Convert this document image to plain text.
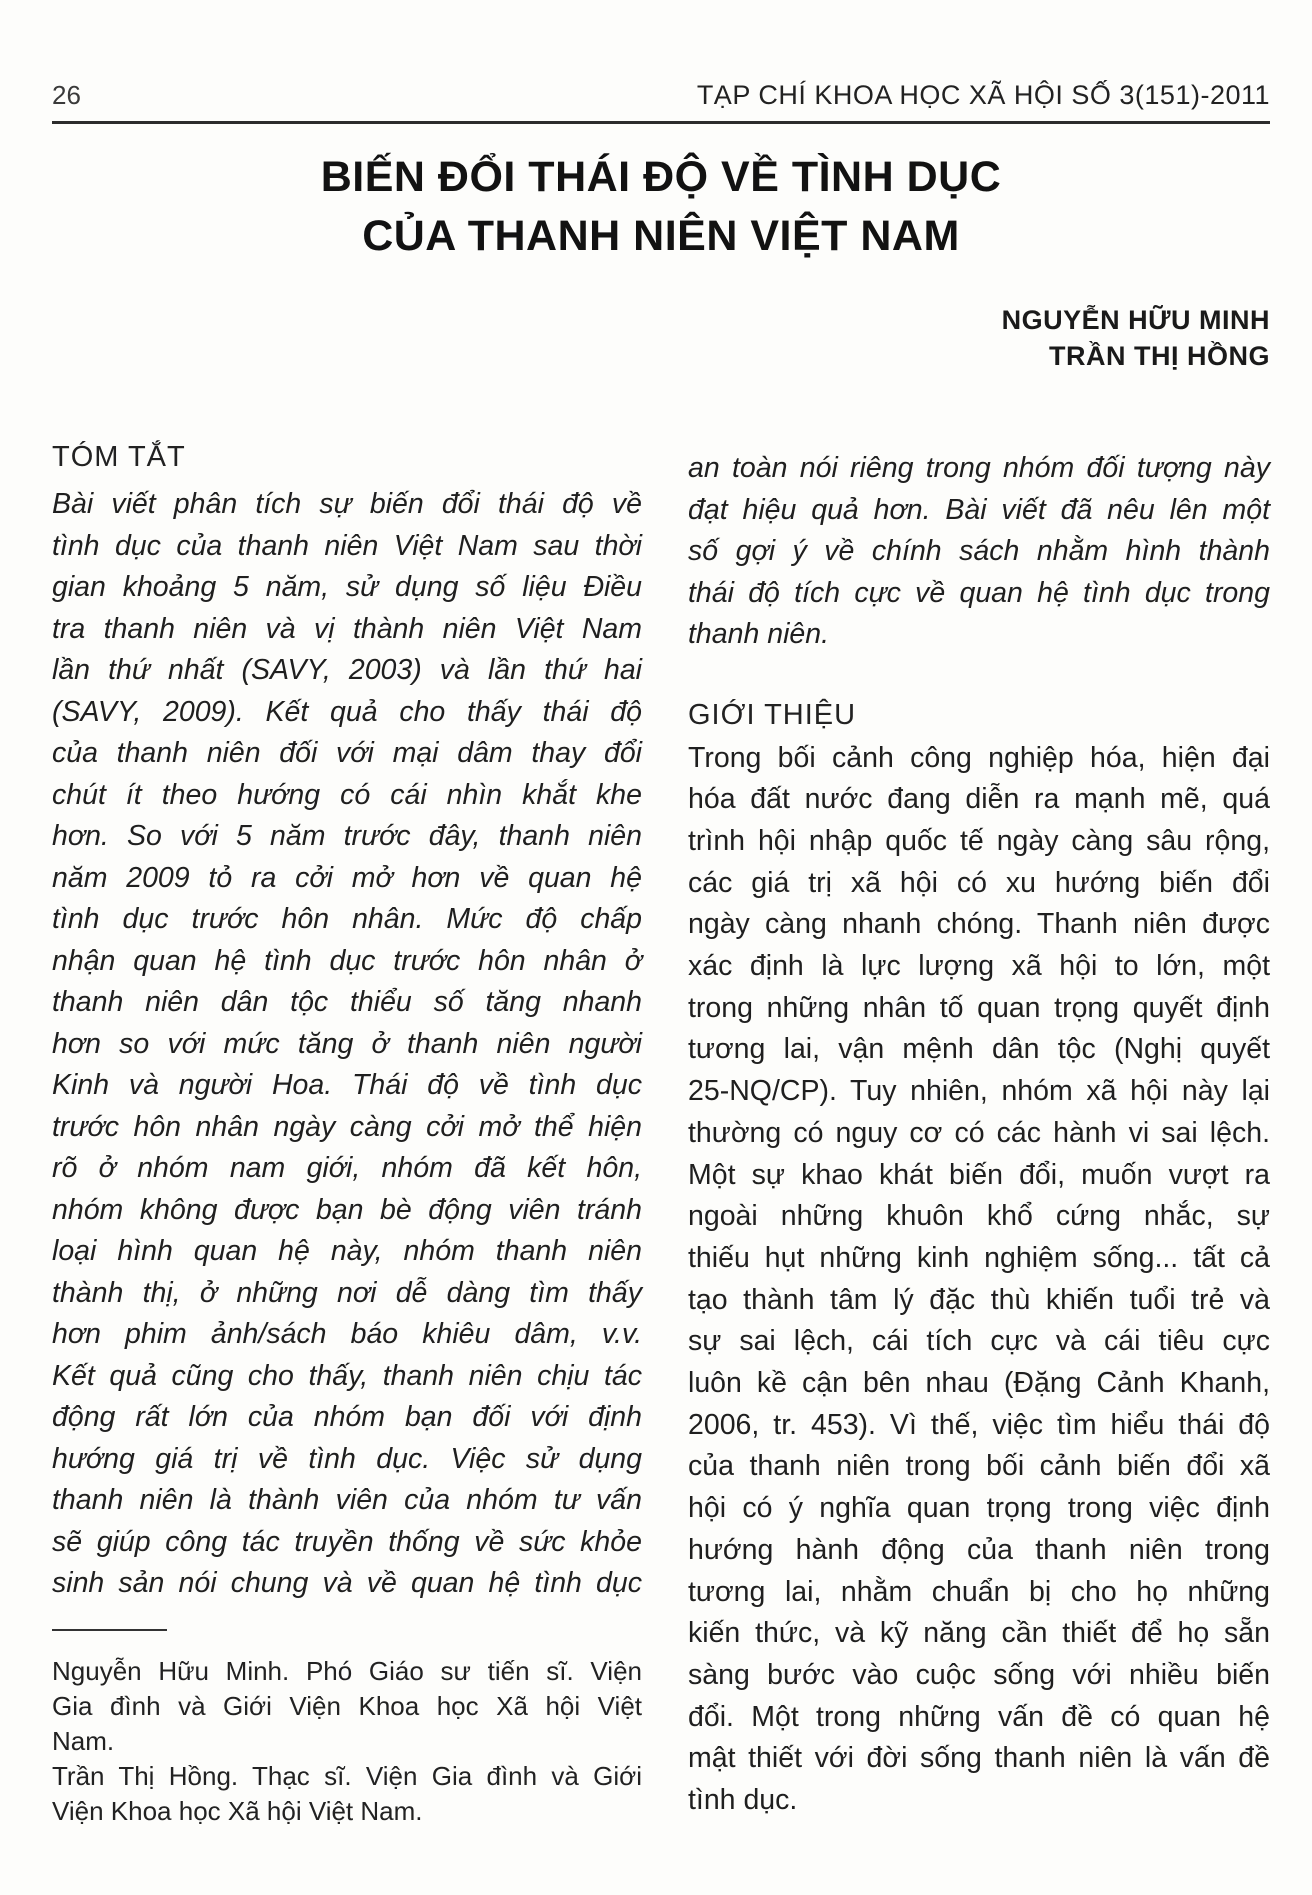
26	TẠP CHÍ KHOA HỌC XÃ HỘI SỐ 3(151)-2011
BIẾN ĐỔI THÁI ĐỘ VỀ TÌNH DỤC
CỦA THANH NIÊN VIỆT NAM
NGUYỄN HỮU MINH
TRẦN THỊ HỒNG
TÓM TẮT
Bài viết phân tích sự biến đổi thái độ về
tình dục của thanh niên Việt Nam sau thời
gian khoảng 5 năm, sử dụng số liệu Điều
tra thanh niên và vị thành niên Việt Nam
lần thứ nhất (SAVY, 2003) và lần thứ hai
(SAVY, 2009). Kết quả cho thấy thái độ
của thanh niên đối với mại dâm thay đổi
chút ít theo hướng có cái nhìn khắt khe
hơn. So với 5 năm trước đây, thanh niên
năm 2009 tỏ ra cởi mở hơn về quan hệ
tình dục trước hôn nhân. Mức độ chấp
nhận quan hệ tình dục trước hôn nhân ở
thanh niên dân tộc thiểu số tăng nhanh
hơn so với mức tăng ở thanh niên người
Kinh và người Hoa. Thái độ về tình dục
trước hôn nhân ngày càng cởi mở thể hiện
rõ ở nhóm nam giới, nhóm đã kết hôn,
nhóm không được bạn bè động viên tránh
loại hình quan hệ này, nhóm thanh niên
thành thị, ở những nơi dễ dàng tìm thấy
hơn phim ảnh/sách báo khiêu dâm, v.v.
Kết quả cũng cho thấy, thanh niên chịu tác
động rất lớn của nhóm bạn đối với định
hướng giá trị về tình dục. Việc sử dụng
thanh niên là thành viên của nhóm tư vấn
sẽ giúp công tác truyền thống về sức khỏe
sinh sản nói chung và về quan hệ tình dục
Nguyễn Hữu Minh. Phó Giáo sư tiến sĩ. Viện
Gia đình và Giới Viện Khoa học Xã hội Việt
Nam.
Trần Thị Hồng. Thạc sĩ. Viện Gia đình và Giới
Viện Khoa học Xã hội Việt Nam.
an toàn nói riêng trong nhóm đối tượng này
đạt hiệu quả hơn. Bài viết đã nêu lên một
số gợi ý về chính sách nhằm hình thành
thái độ tích cực về quan hệ tình dục trong
thanh niên.
GIỚI THIỆU
Trong bối cảnh công nghiệp hóa, hiện đại
hóa đất nước đang diễn ra mạnh mẽ, quá
trình hội nhập quốc tế ngày càng sâu rộng,
các giá trị xã hội có xu hướng biến đổi
ngày càng nhanh chóng. Thanh niên được
xác định là lực lượng xã hội to lớn, một
trong những nhân tố quan trọng quyết định
tương lai, vận mệnh dân tộc (Nghị quyết
25-NQ/CP). Tuy nhiên, nhóm xã hội này lại
thường có nguy cơ có các hành vi sai lệch.
Một sự khao khát biến đổi, muốn vượt ra
ngoài những khuôn khổ cứng nhắc, sự
thiếu hụt những kinh nghiệm sống... tất cả
tạo thành tâm lý đặc thù khiến tuổi trẻ và
sự sai lệch, cái tích cực và cái tiêu cực
luôn kề cận bên nhau (Đặng Cảnh Khanh,
2006, tr. 453). Vì thế, việc tìm hiểu thái độ
của thanh niên trong bối cảnh biến đổi xã
hội có ý nghĩa quan trọng trong việc định
hướng hành động của thanh niên trong
tương lai, nhằm chuẩn bị cho họ những
kiến thức, và kỹ năng cần thiết để họ sẵn
sàng bước vào cuộc sống với nhiều biến
đổi. Một trong những vấn đề có quan hệ
mật thiết với đời sống thanh niên là vấn đề
tình dục.
